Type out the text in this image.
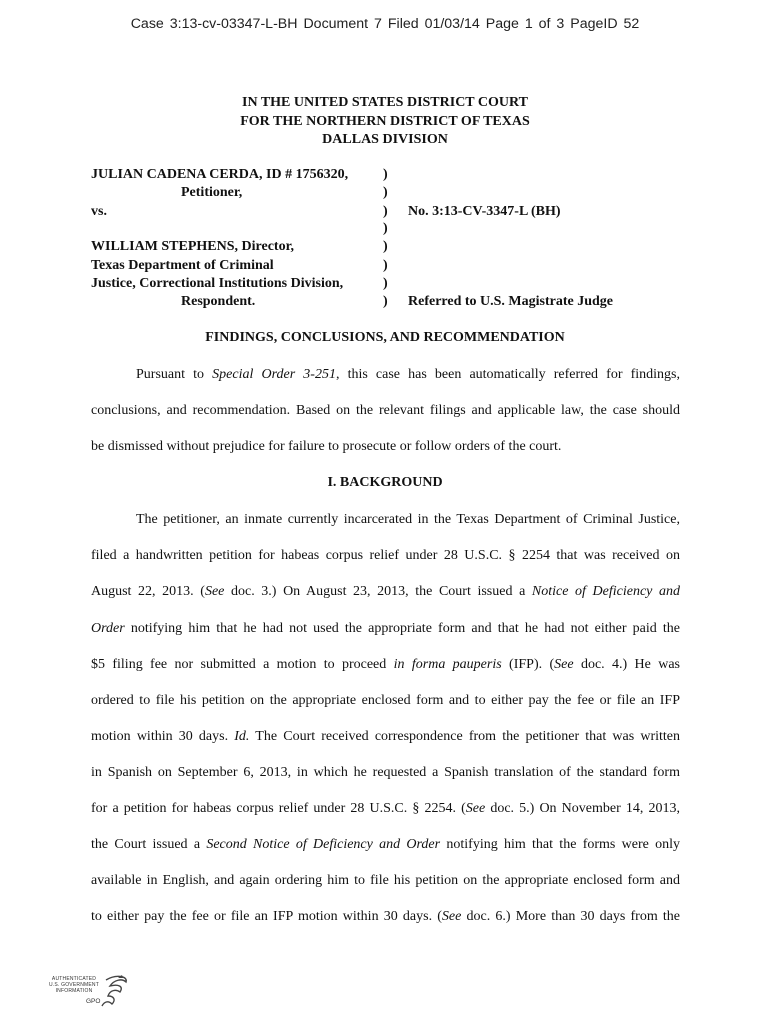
Case 3:13-cv-03347-L-BH Document 7 Filed 01/03/14 Page 1 of 3 PageID 52
IN THE UNITED STATES DISTRICT COURT
FOR THE NORTHERN DISTRICT OF TEXAS
DALLAS DIVISION
JULIAN CADENA CERDA, ID # 1756320,
Petitioner,
vs.
WILLIAM STEPHENS, Director,
Texas Department of Criminal
Justice, Correctional Institutions Division,
Respondent.
)
)
)
)
)
)
)
)
No. 3:13-CV-3347-L (BH)
Referred to U.S. Magistrate Judge
FINDINGS, CONCLUSIONS, AND RECOMMENDATION
Pursuant to Special Order 3-251, this case has been automatically referred for findings,
conclusions, and recommendation. Based on the relevant filings and applicable law, the case should
be dismissed without prejudice for failure to prosecute or follow orders of the court.
I. BACKGROUND
The petitioner, an inmate currently incarcerated in the Texas Department of Criminal Justice,
filed a handwritten petition for habeas corpus relief under 28 U.S.C. § 2254 that was received on
August 22, 2013. (See doc. 3.) On August 23, 2013, the Court issued a Notice of Deficiency and
Order notifying him that he had not used the appropriate form and that he had not either paid the
$5 filing fee nor submitted a motion to proceed in forma pauperis (IFP). (See doc. 4.) He was
ordered to file his petition on the appropriate enclosed form and to either pay the fee or file an IFP
motion within 30 days. Id. The Court received correspondence from the petitioner that was written
in Spanish on September 6, 2013, in which he requested a Spanish translation of the standard form
for a petition for habeas corpus relief under 28 U.S.C. § 2254. (See doc. 5.) On November 14, 2013,
the Court issued a Second Notice of Deficiency and Order notifying him that the forms were only
available in English, and again ordering him to file his petition on the appropriate enclosed form and
to either pay the fee or file an IFP motion within 30 days. (See doc. 6.) More than 30 days from the
AUTHENTICATED
U.S. GOVERNMENT
INFORMATION
GPO
